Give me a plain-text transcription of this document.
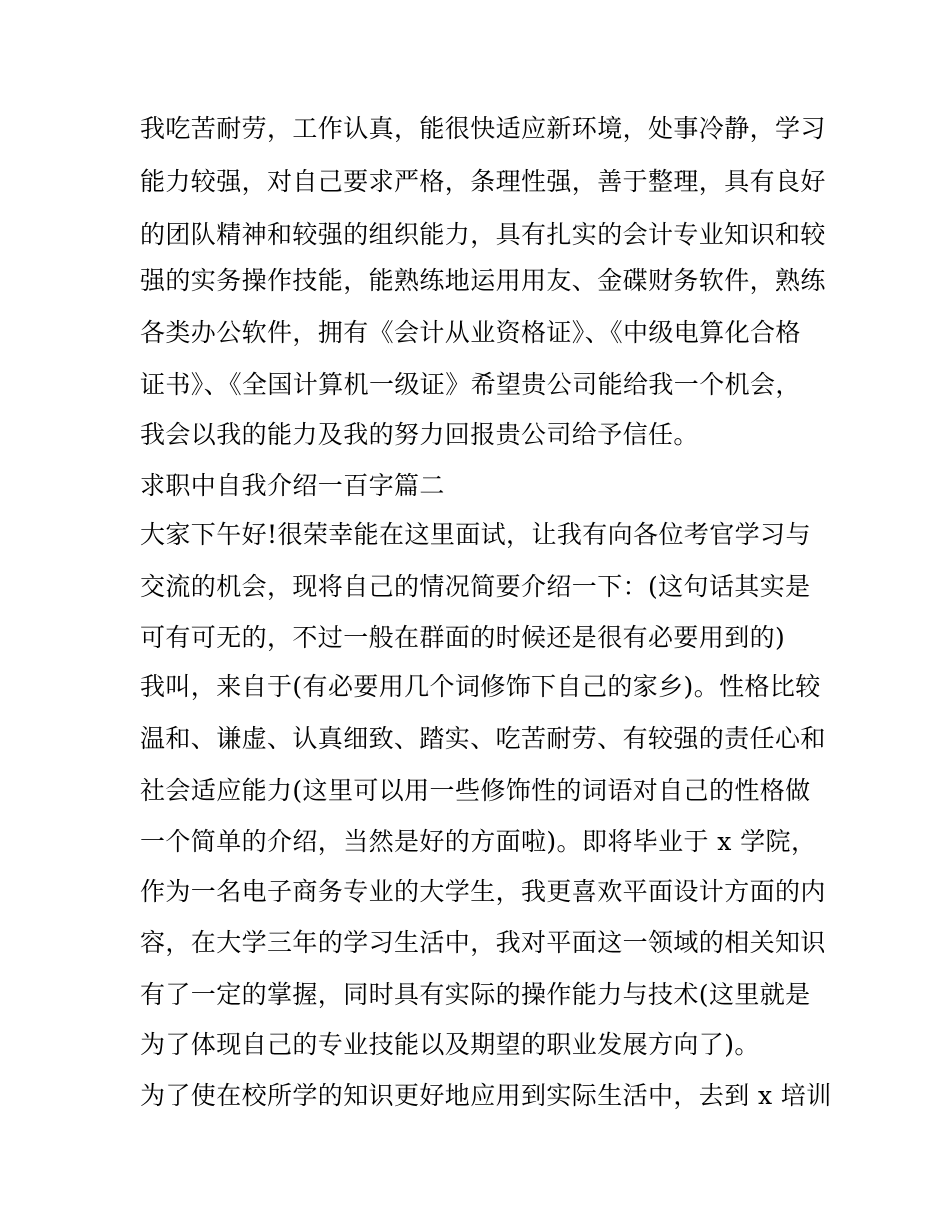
我吃苦耐劳，工作认真，能很快适应新环境，处事冷静，学习
能力较强，对自己要求严格，条理性强，善于整理，具有良好
的团队精神和较强的组织能力，具有扎实的会计专业知识和较
强的实务操作技能，能熟练地运用用友、金碟财务软件，熟练
各类办公软件，拥有《会计从业资格证》、《中级电算化合格
证书》、《全国计算机一级证》希望贵公司能给我一个机会，
我会以我的能力及我的努力回报贵公司给予信任。
求职中自我介绍一百字篇二
大家下午好!很荣幸能在这里面试，让我有向各位考官学习与
交流的机会，现将自己的情况简要介绍一下：(这句话其实是
可有可无的，不过一般在群面的时候还是很有必要用到的)
我叫，来自于(有必要用几个词修饰下自己的家乡)。性格比较
温和、谦虚、认真细致、踏实、吃苦耐劳、有较强的责任心和
社会适应能力(这里可以用一些修饰性的词语对自己的性格做
一个简单的介绍，当然是好的方面啦)。即将毕业于 x 学院，
作为一名电子商务专业的大学生，我更喜欢平面设计方面的内
容，在大学三年的学习生活中，我对平面这一领域的相关知识
有了一定的掌握，同时具有实际的操作能力与技术(这里就是
为了体现自己的专业技能以及期望的职业发展方向了)。
为了使在校所学的知识更好地应用到实际生活中，去到 x 培训
